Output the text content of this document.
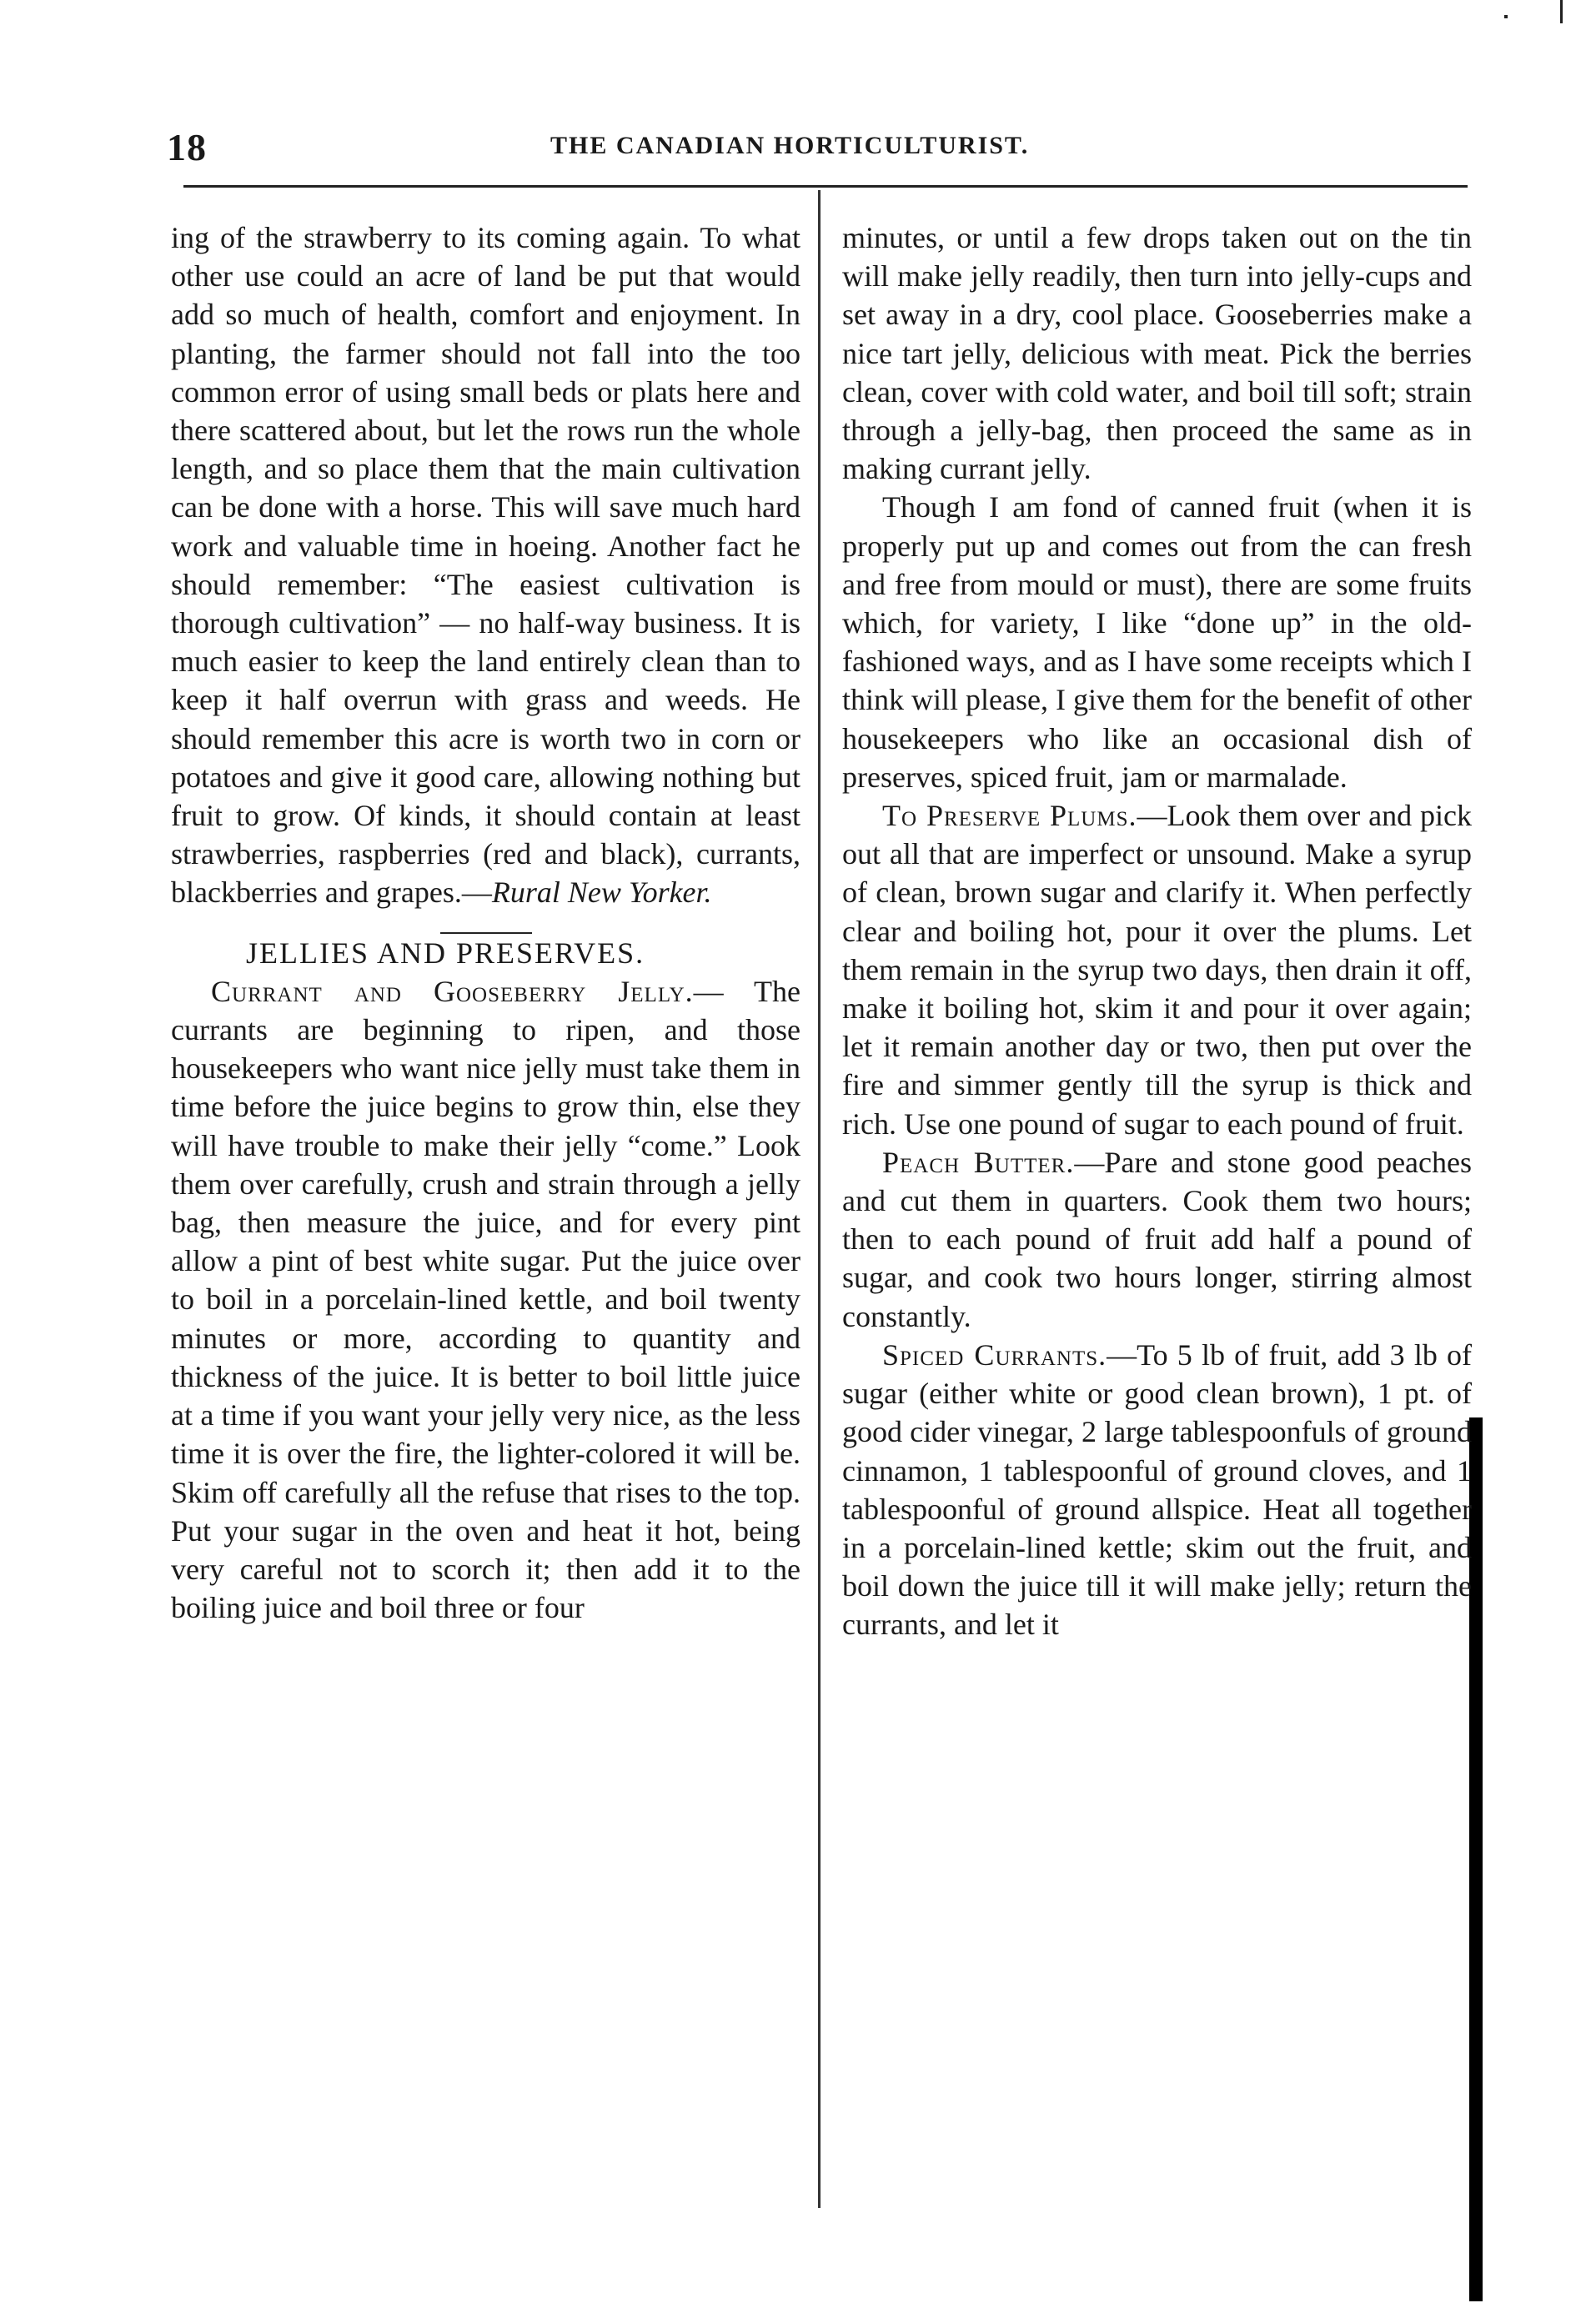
18	THE CANADIAN HORTICULTURIST.

ing of the strawberry to its coming again. To what other use could an acre of land be put that would add so much of health, comfort and enjoyment. In planting, the farmer should not fall into the too common error of using small beds or plats here and there scattered about, but let the rows run the whole length, and so place them that the main cultivation can be done with a horse. This will save much hard work and valuable time in hoeing. Another fact he should remember: “The easiest cultivation is thorough cultivation” — no half-way business. It is much easier to keep the land entirely clean than to keep it half overrun with grass and weeds. He should remember this acre is worth two in corn or potatoes and give it good care, allowing nothing but fruit to grow. Of kinds, it should contain at least strawberries, raspberries (red and black), currants, blackberries and grapes.—Rural New Yorker.

JELLIES AND PRESERVES.

Currant and Gooseberry Jelly.— The currants are beginning to ripen, and those housekeepers who want nice jelly must take them in time before the juice begins to grow thin, else they will have trouble to make their jelly “come.” Look them over carefully, crush and strain through a jelly bag, then measure the juice, and for every pint allow a pint of best white sugar. Put the juice over to boil in a porcelain-lined kettle, and boil twenty minutes or more, according to quantity and thickness of the juice. It is better to boil little juice at a time if you want your jelly very nice, as the less time it is over the fire, the lighter-colored it will be. Skim off carefully all the refuse that rises to the top. Put your sugar in the oven and heat it hot, being very careful not to scorch it; then add it to the boiling juice and boil three or four

minutes, or until a few drops taken out on the tin will make jelly readily, then turn into jelly-cups and set away in a dry, cool place. Gooseberries make a nice tart jelly, delicious with meat. Pick the berries clean, cover with cold water, and boil till soft; strain through a jelly-bag, then proceed the same as in making currant jelly.

Though I am fond of canned fruit (when it is properly put up and comes out from the can fresh and free from mould or must), there are some fruits which, for variety, I like “done up” in the old-fashioned ways, and as I have some receipts which I think will please, I give them for the benefit of other housekeepers who like an occasional dish of preserves, spiced fruit, jam or marmalade.

To Preserve Plums.—Look them over and pick out all that are imperfect or unsound. Make a syrup of clean, brown sugar and clarify it. When perfectly clear and boiling hot, pour it over the plums. Let them remain in the syrup two days, then drain it off, make it boiling hot, skim it and pour it over again; let it remain another day or two, then put over the fire and simmer gently till the syrup is thick and rich. Use one pound of sugar to each pound of fruit.

Peach Butter.—Pare and stone good peaches and cut them in quarters. Cook them two hours; then to each pound of fruit add half a pound of sugar, and cook two hours longer, stirring almost constantly.

Spiced Currants.—To 5 lb of fruit, add 3 lb of sugar (either white or good clean brown), 1 pt. of good cider vinegar, 2 large tablespoonfuls of ground cinnamon, 1 tablespoonful of ground cloves, and 1 tablespoonful of ground allspice. Heat all together in a porcelain-lined kettle; skim out the fruit, and boil down the juice till it will make jelly; return the currants, and let it
